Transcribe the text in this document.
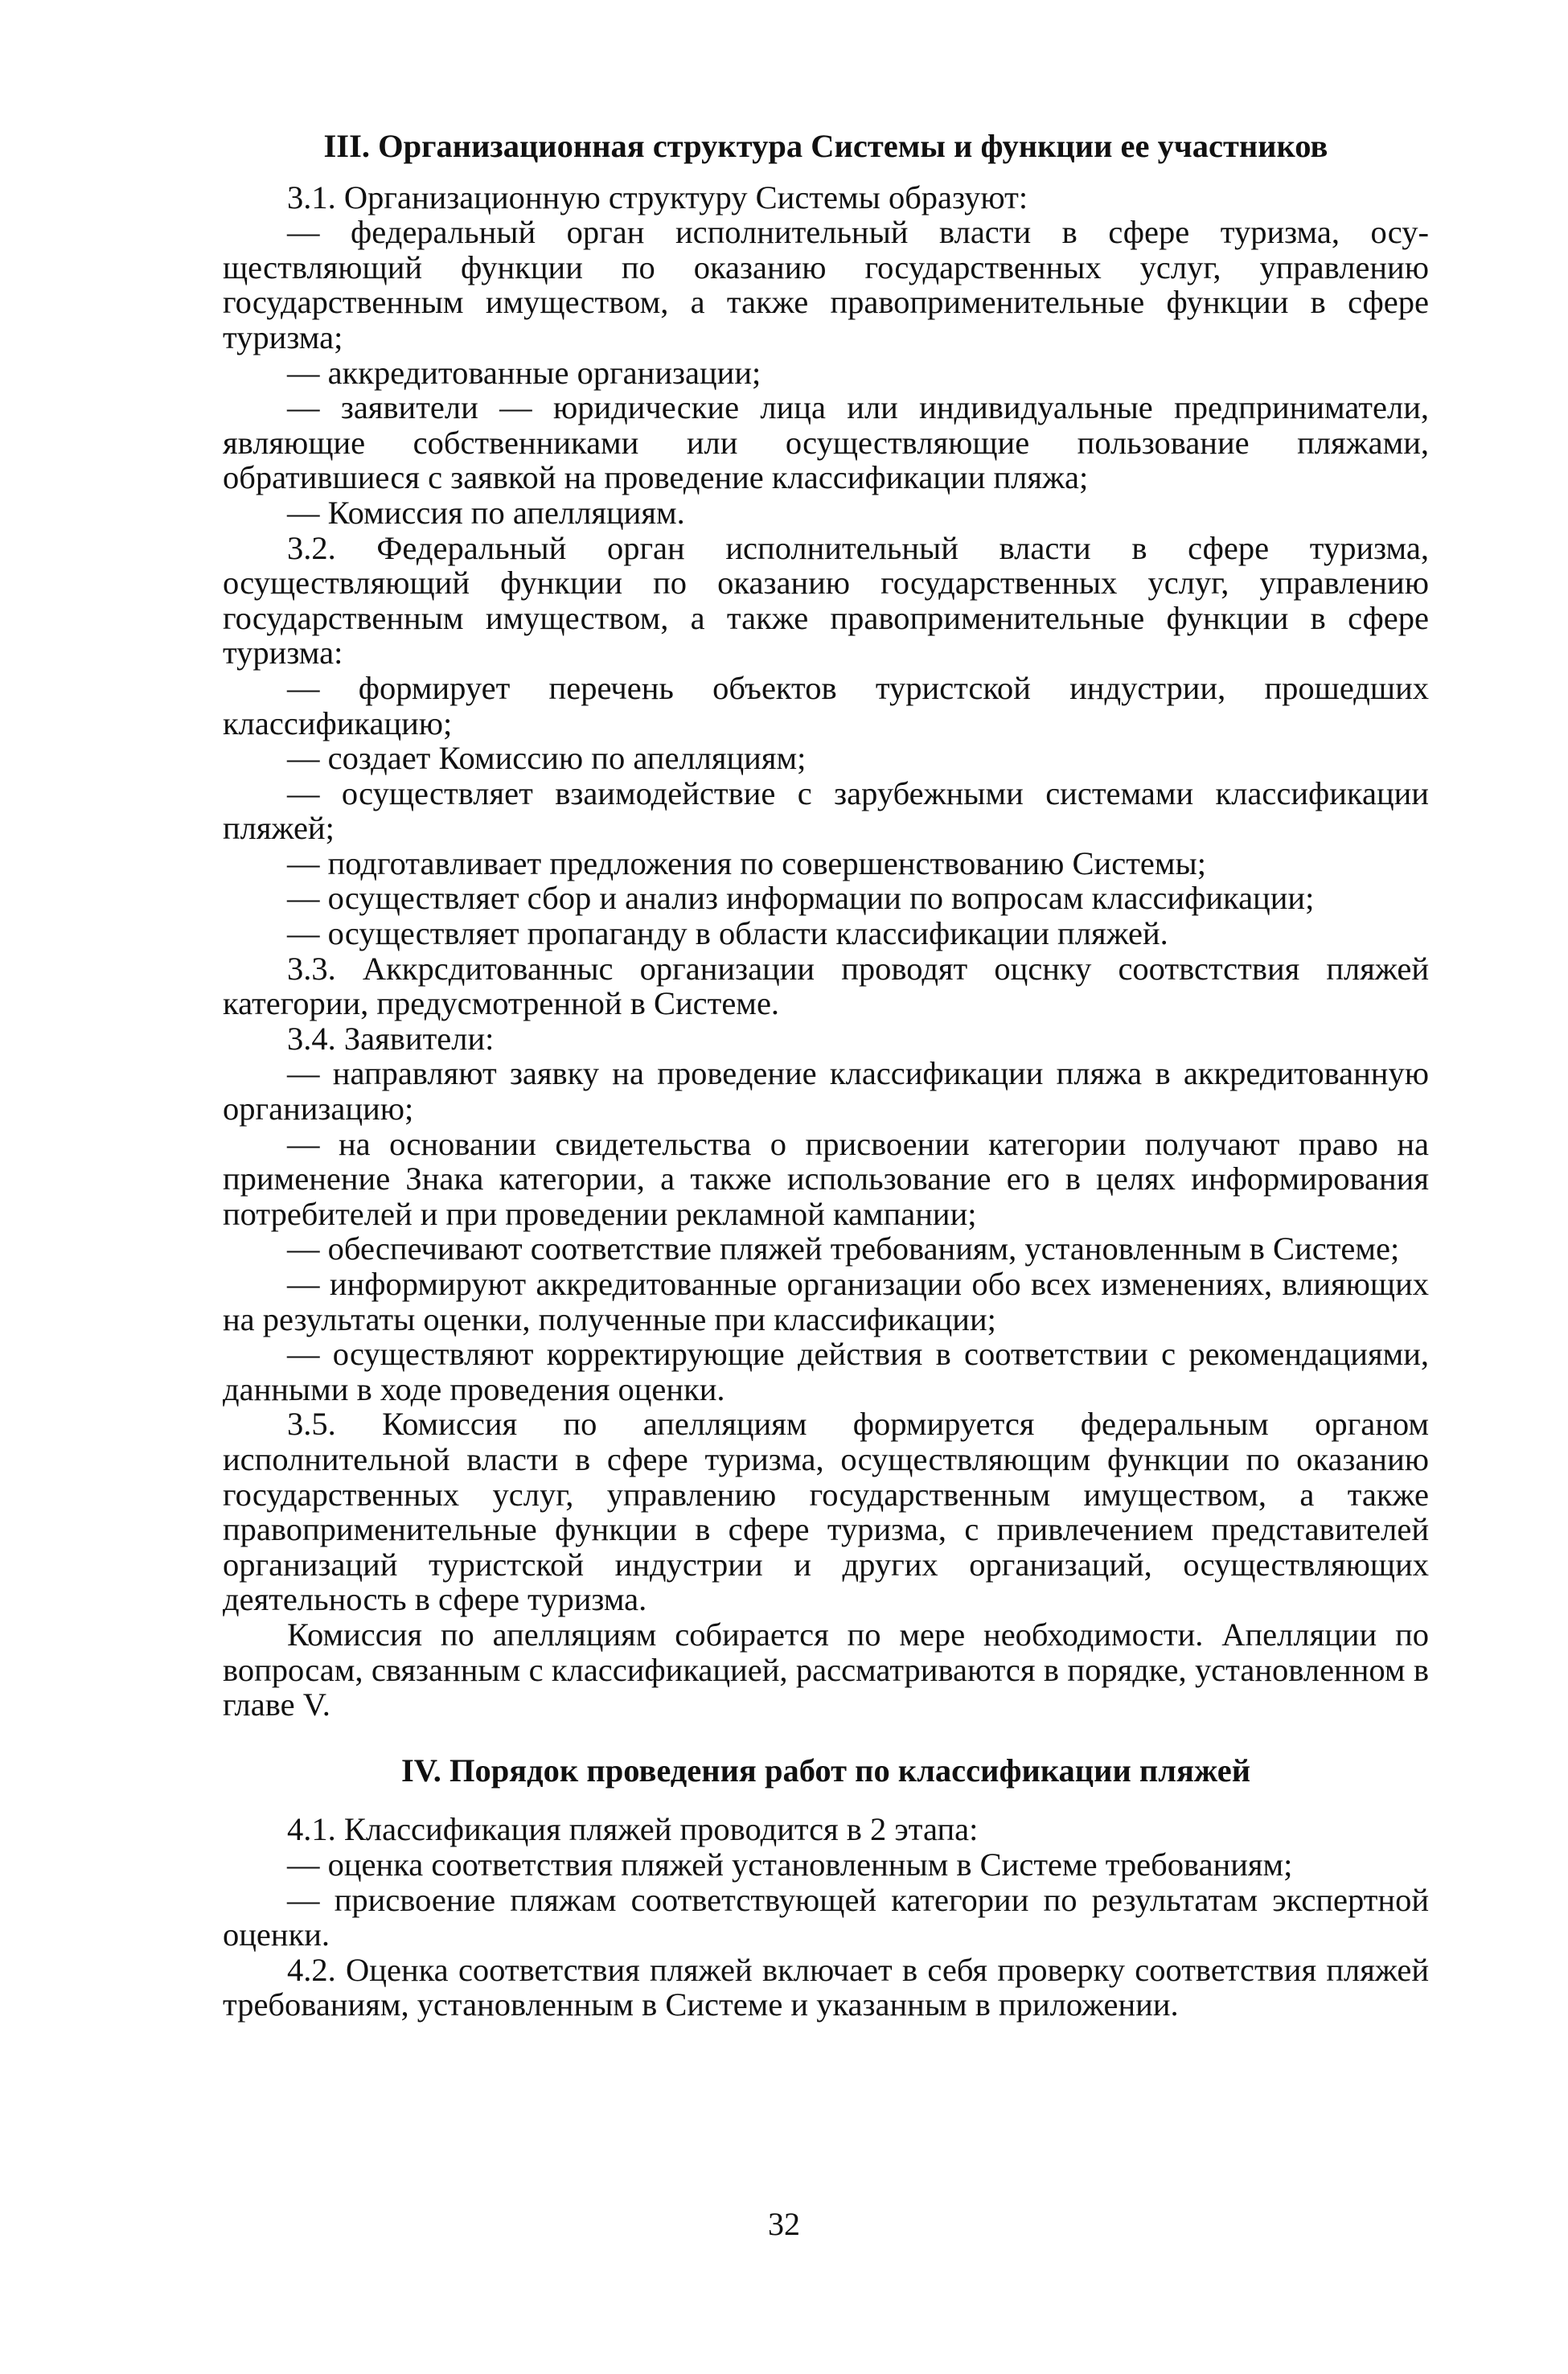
III. Организационная структура Системы и функции ее участников

3.1. Организационную структуру Системы образуют:

— федеральный орган исполнительный власти в сфере туризма, осуществляющий функции по оказанию государственных услуг, управлению государственным имуществом, а также правоприменительные функции в сфере туризма;

— аккредитованные организации;

— заявители — юридические лица или индивидуальные предприниматели, являющие собственниками или осуществляющие пользование пляжами, обратившиеся с заявкой на проведение классификации пляжа;

— Комиссия по апелляциям.

3.2. Федеральный орган исполнительный власти в сфере туризма, осуществляющий функции по оказанию государственных услуг, управлению государственным имуществом, а также правоприменительные функции в сфере туризма:

— формирует перечень объектов туристской индустрии, прошедших классификацию;

— создает Комиссию по апелляциям;

— осуществляет взаимодействие с зарубежными системами классификации пляжей;

— подготавливает предложения по совершенствованию Системы;

— осуществляет сбор и анализ информации по вопросам классификации;

— осуществляет пропаганду в области классификации пляжей.

3.3. Аккрсдитованныс организации проводят оцснку соотвстствия пляжей категории, предусмотренной в Системе.

3.4. Заявители:

— направляют заявку на проведение классификации пляжа в аккредитованную организацию;

— на основании свидетельства о присвоении категории получают право на применение Знака категории, а также использование его в целях информирования потребителей и при проведении рекламной кампании;

— обеспечивают соответствие пляжей требованиям, установленным в Системе;

— информируют аккредитованные организации обо всех изменениях, влияющих на результаты оценки, полученные при классификации;

— осуществляют корректирующие действия в соответствии с рекомендациями, данными в ходе проведения оценки.

3.5. Комиссия по апелляциям формируется федеральным органом исполнительной власти в сфере туризма, осуществляющим функции по оказанию государственных услуг, управлению государственным имуществом, а также правоприменительные функции в сфере туризма, с привлечением представителей организаций туристской индустрии и других организаций, осуществляющих деятельность в сфере туризма.

Комиссия по апелляциям собирается по мере необходимости. Апелляции по вопросам, связанным с классификацией, рассматриваются в порядке, установленном в главе V.

IV. Порядок проведения работ по классификации пляжей

4.1. Классификация пляжей проводится в 2 этапа:

— оценка соответствия пляжей установленным в Системе требованиям;

— присвоение пляжам соответствующей категории по результатам экспертной оценки.

4.2. Оценка соответствия пляжей включает в себя проверку соответствия пляжей требованиям, установленным в Системе и указанным в приложении.

32
